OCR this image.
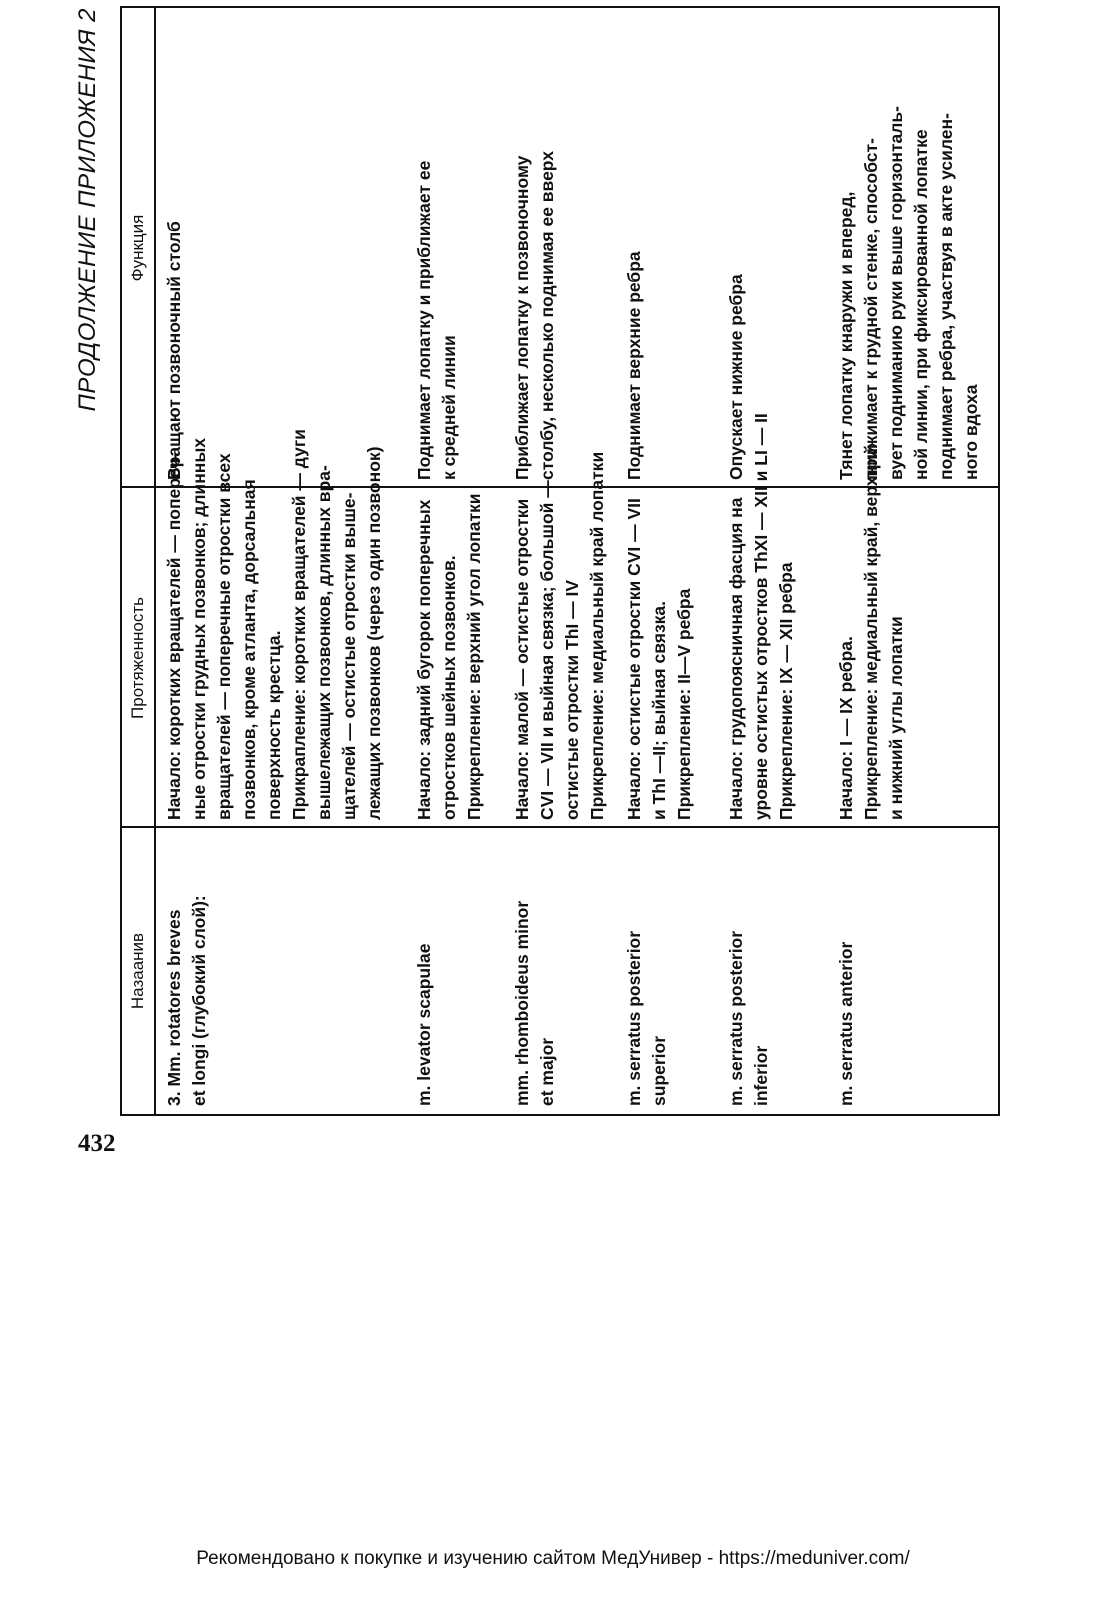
432
ПРОДОЛЖЕНИЕ ПРИЛОЖЕНИЯ 2
Назаанив
Протяженность
Функция
3. Mm. rotatores breves et longi (глубокий слой):
Начало: коротких вращателей — попереч- ные отростки грудных позвонков; длинных вращателей — поперечные отростки всех позвонков, кроме атланта, дорсальная поверхность крестца. Прикрапление: коротких вращателей — дуги вышележащих позвонков, длинных вра- щателей — остистые отростки выше- лежащих позвонков (через один позвонок)
Вращают позвоночный столб
m. levator scapulae
Начало: задний бугорок поперечных отростков шейных позвонков. Прикрепление: верхний угол лопатки
Поднимает лопатку и приближает ее к средней линии
mm. rhomboideus minor et major
Начало: малой — остистые отростки CVI — VII и выйная связка; большой — остистые отростки ThI — IV Прикрепление: медиальный край лопатки
Приближает лопатку к позвоночному столбу, несколько поднимая ее вверх
m. serratus posterior superior
Начало: остистые отростки CVI — VII и ThI —II; выйная связка. Прикрепление: II—V ребра
Поднимает верхние ребра
m. serratus posterior inferior
Начало: грудопоясничная фасция на уровне остистых отростков ThXI — XII и LI — II Прикрепление: IX — XII ребра
Опускает нижние ребра
m. serratus anterior
Начало: I — IX ребра. Прикрепление: медиальный край, верхний и нижний углы лопатки
Тянет лопатку кнаружи и вперед, прижимает к грудной стенке, способст- вует подниманию руки выше горизонталь- ной линии, при фиксированной лопатке поднимает ребра, участвуя в акте усилен- ного вдоха
Рекомендовано к покупке и изучению сайтом МедУнивер - https://meduniver.com/
